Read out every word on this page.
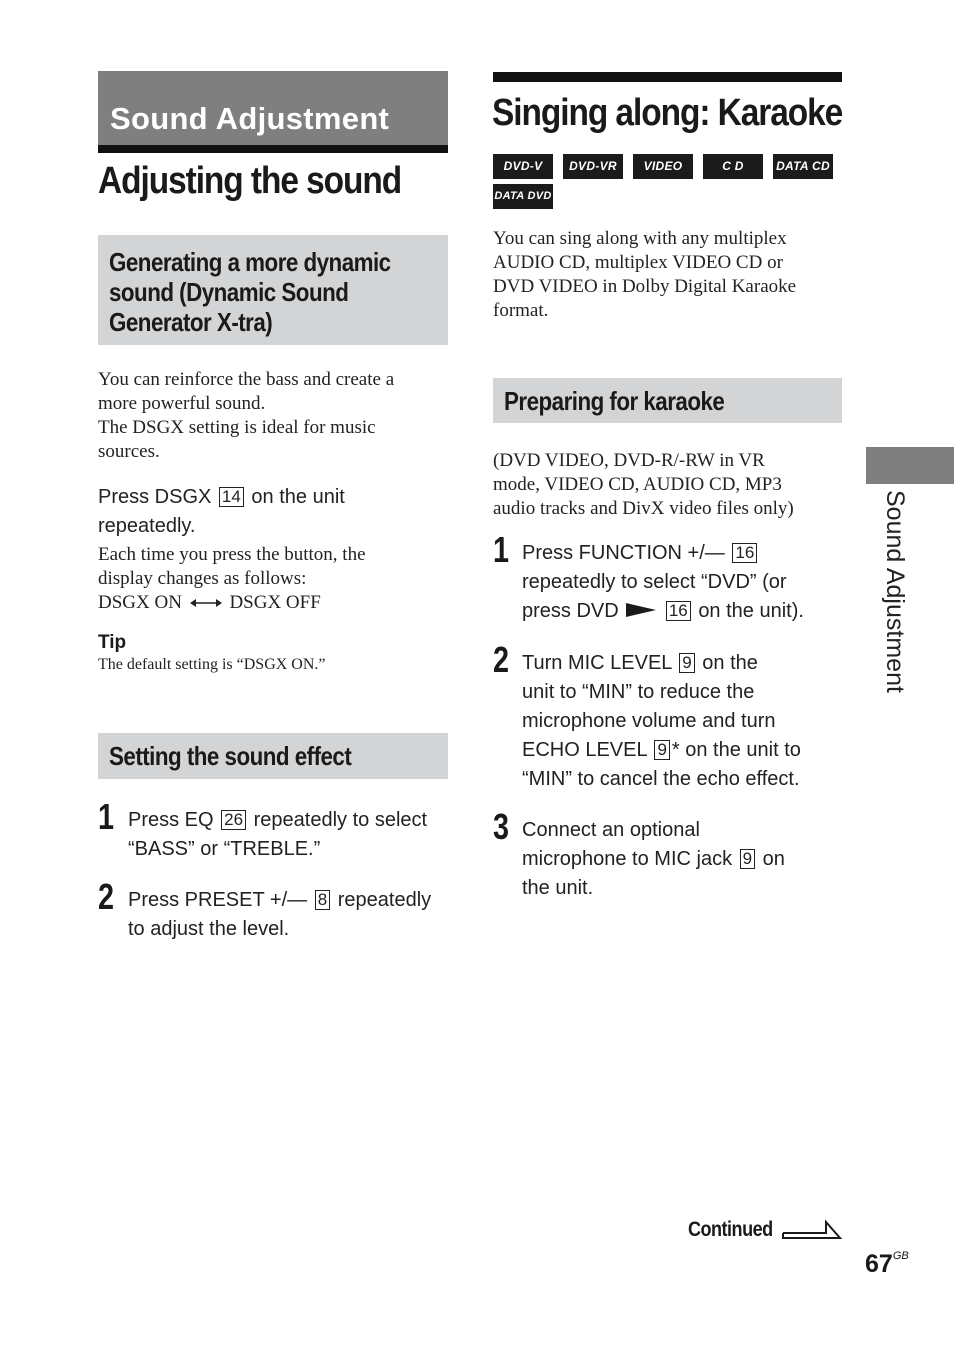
Sound Adjustment
Adjusting the sound
Generating a more dynamic
sound (Dynamic Sound
Generator X-tra)
You can reinforce the bass and create a
more powerful sound.
The DSGX setting is ideal for music
sources.
Press DSGX 14 on the unit
repeatedly.
Each time you press the button, the
display changes as follows:
DSGX ON	DSGX OFF
Tip
The default setting is “DSGX ON.”
Setting the sound effect
1 Press EQ 26 repeatedly to select
“BASS” or “TREBLE.”
2 Press PRESET +/— 8 repeatedly
to adjust the level.
Singing along: Karaoke
DVD-V	DVD-VR	VIDEO CD
C D	DATA CD
DATA DVD
You can sing along with any multiplex
AUDIO CD, multiplex VIDEO CD or
DVD VIDEO in Dolby Digital Karaoke
format.
Preparing for karaoke
(DVD VIDEO, DVD-R/-RW in VR
mode, VIDEO CD, AUDIO CD, MP3
audio tracks and DivX video files only)
1 Press FUNCTION +/— 16
repeatedly to select “DVD” (or
press DVD	16 on the unit).
2 Turn MIC LEVEL 9 on the
unit to “MIN” to reduce the
microphone volume and turn
ECHO LEVEL 9 * on the unit to
“MIN” to cancel the echo effect.
3 Connect an optional
microphone to MIC jack 9 on
the unit.
Sound Adjustment
Continued
$67^{GB}$
